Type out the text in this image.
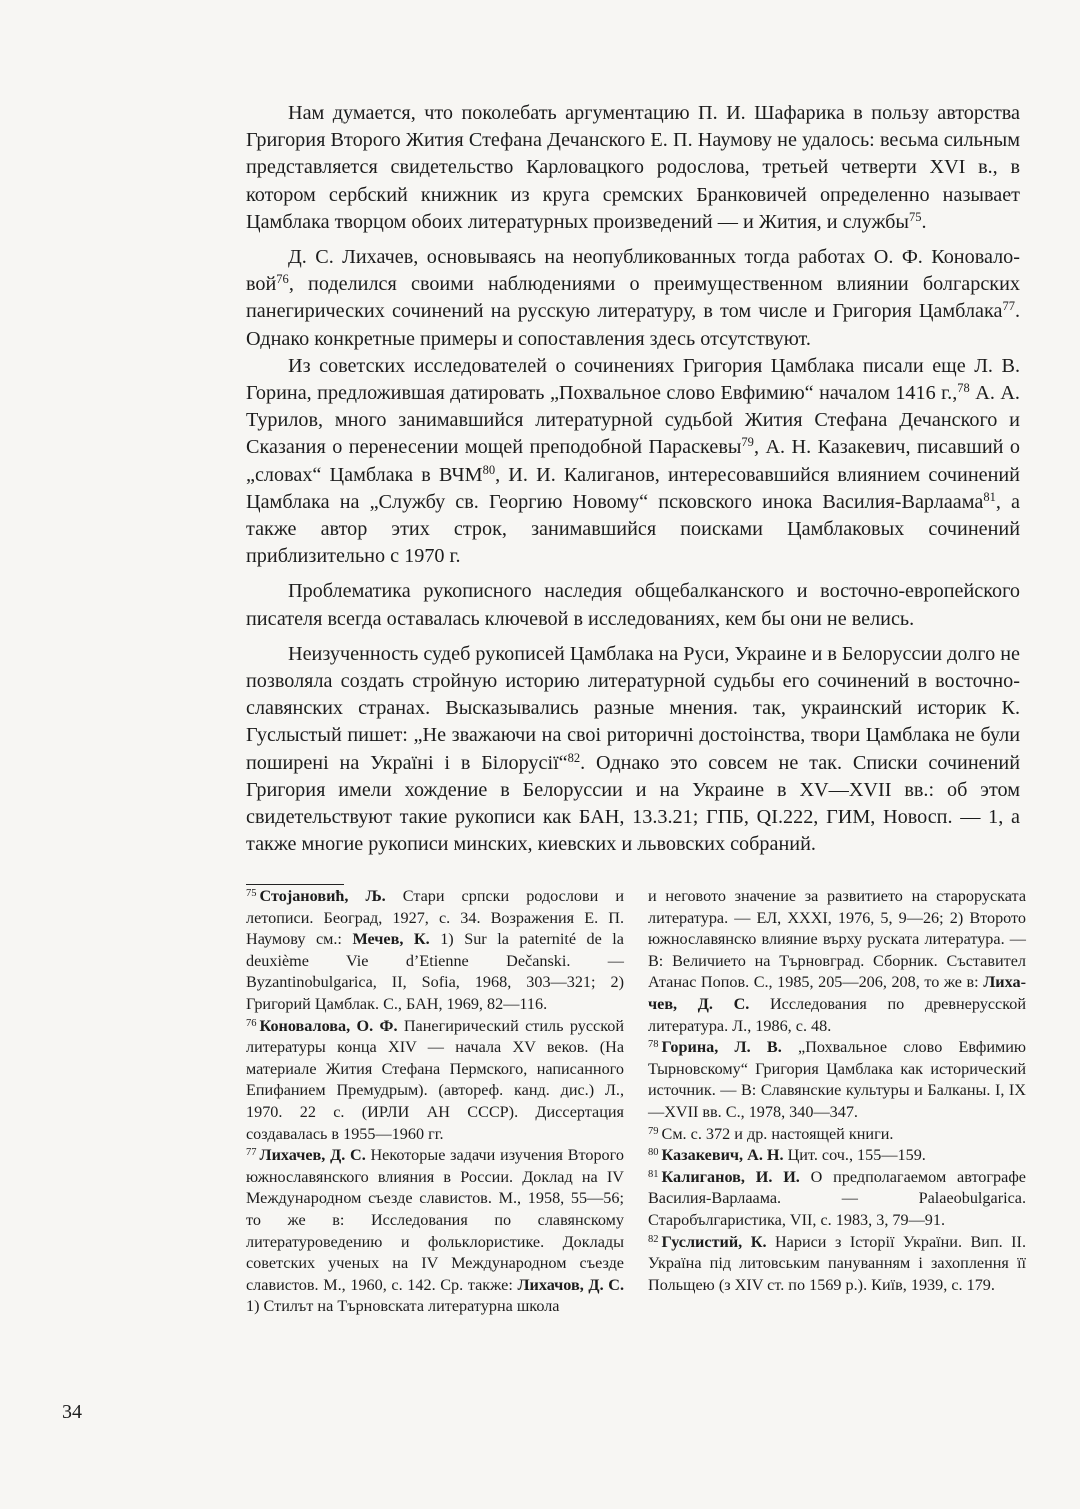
Нам думается, что поколебать аргументацию П. И. Шафарика в пользу авторства Григория Второго Жития Стефана Дечанского Е. П. Наумову не удалось: весьма сильным представляется свидетельство Карловацкого родослова, третьей четверти XVI в., в котором сербский книжник из круга сремских Бранковичей определенно называет Цамблака творцом обоих литературных произведений — и Жития, и службы$^{75}$.

Д. С. Лихачев, основываясь на неопубликованных тогда работах О. Ф. Коноваловой$^{76}$, поделился своими наблюдениями о преимущественном влиянии болгарских панегирических сочинений на русскую литературу, в том числе и Григория Цамблака$^{77}$. Однако конкретные примеры и сопоставления здесь отсутствуют.

Из советских исследователей о сочинениях Григория Цамблака писали еще Л. В. Горина, предложившая датировать „Похвальное слово Евфимию“ началом 1416 г.,$^{78}$ А. А. Турилов, много занимавшийся литературной судьбой Жития Стефана Дечанского и Сказания о перенесении мощей преподобной Параскевы$^{79}$, А. Н. Казакевич, писавший о „словах“ Цамблака в ВЧМ$^{80}$, И. И. Калиганов, интересовавшийся влиянием сочинений Цамблака на „Службу св. Георгию Новому“ псковского инока Василия-Варлаама$^{81}$, а также автор этих строк, занимавшийся поисками Цамблаковых сочинений приблизительно с 1970 г.

Проблематика рукописного наследия общебалканского и восточно-европейского писателя всегда оставалась ключевой в исследованиях, кем бы они не велись.

Неизученность судеб рукописей Цамблака на Руси, Украине и в Белоруссии долго не позволяла создать стройную историю литературной судьбы его сочинений в восточно-славянских странах. Высказывались разные мнения. так, украинский историк К. Гуслыстый пишет: „Не зважаючи на своі риторичні достоінства, твори Цамблака не були поширені на Україні і в Білорусії“$^{82}$. Однако это совсем не так. Списки сочинений Григория имели хождение в Белоруссии и на Украине в XV—XVII вв.: об этом свидетельствуют такие рукописи как БАН, 13.3.21; ГПБ, QI.222, ГИМ, Новосп. — 1, а также многие рукописи минских, киевских и львовских собраний.

$^{75}$ Стојановић, Љ. Стари српски родослови и летописи. Београд, 1927, с. 34. Возражения Е. П. Наумову см.: Мечев, К. 1) Sur la paternité de la deuxième Vie d’Etienne Dečanski. — Byzantinobulgarica, II, Sofia, 1968, 303—321; 2) Григорий Цамблак. С., БАН, 1969, 82—116.

$^{76}$ Коновалова, О. Ф. Панегирический стиль русской литературы конца XIV — начала XV веков. (На материале Жития Стефана Пермского, написанного Епифанием Премудрым). (автореф. канд. дис.) Л., 1970. 22 с. (ИРЛИ АН СССР). Диссертация создавалась в 1955—1960 гг.

$^{77}$ Лихачев, Д. С. Некоторые задачи изучения Второго южнославянского влияния в России. Доклад на IV Международном съезде славистов. М., 1958, 55—56; то же в: Исследования по славянскому литературоведению и фольклористике. Доклады советских ученых на IV Международном съезде славистов. М., 1960, с. 142. Ср. также: Лихачов, Д. С. 1) Стилът на Търновската литературна школа

и неговото значение за развитието на староруската литература. — ЕЛ, XXXI, 1976, 5, 9—26; 2) Второто южнославянско влияние върху руската литература. — В: Величието на Търновград. Сборник. Съставител Атанас Попов. С., 1985, 205—206, 208, то же в: Лихачев, Д. С. Исследования по древнерусской литература. Л., 1986, с. 48.

$^{78}$ Горина, Л. В. „Похвальное слово Евфимию Тырновскому“ Григория Цамблака как исторический источник. — В: Славянские культуры и Балканы. I, IX—XVII вв. С., 1978, 340—347.

$^{79}$ См. с. 372 и др. настоящей книги.

$^{80}$ Казакевич, А. Н. Цит. соч., 155—159.

$^{81}$ Калиганов, И. И. О предполагаемом автографе Василия-Варлаама. — Palaeobulgarica. Старобългаристика, VII, с. 1983, 3, 79—91.

$^{82}$ Гуслистий, К. Нариси з Історії України. Вип. II. Україна під литовським пануванням і захоплення її Польщею (з XIV ст. по 1569 р.). Київ, 1939, с. 179.

34
